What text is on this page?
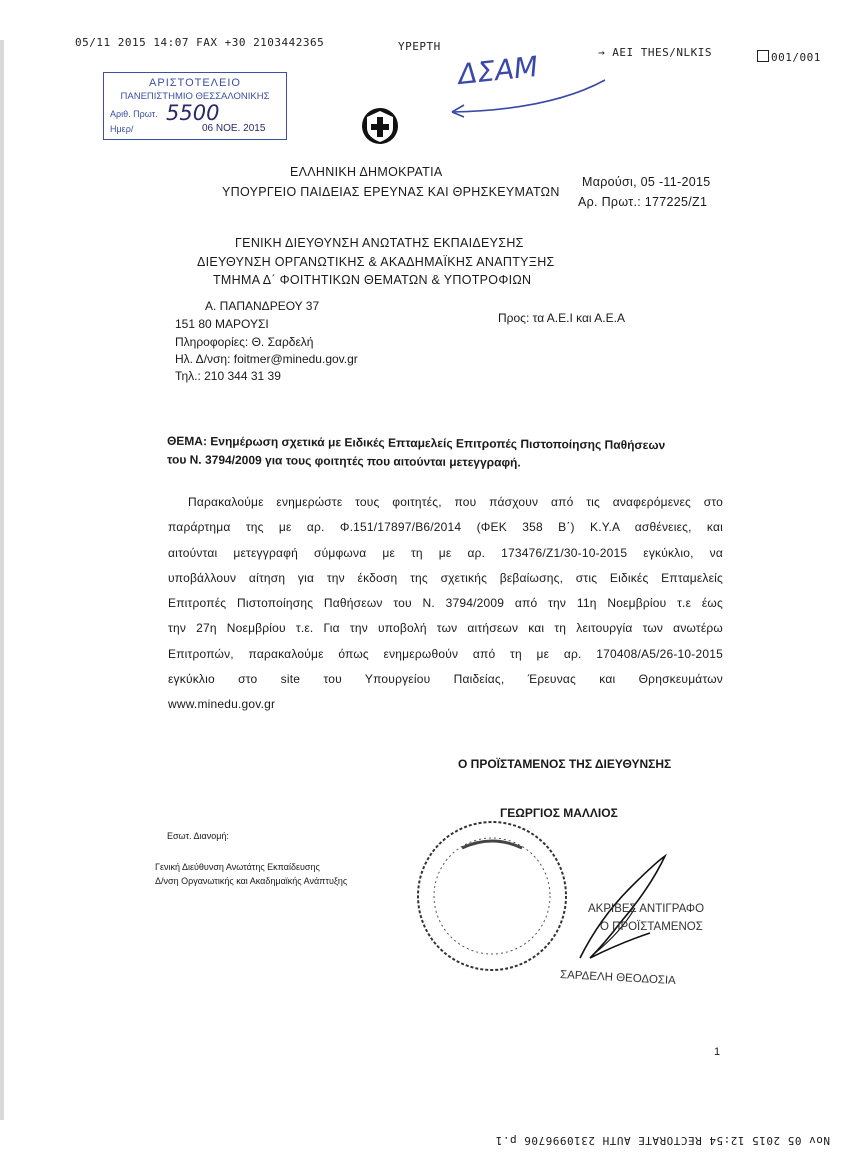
05/11 2015 14:07 FAX +30 2103442365	ΥΡΕΡΤΗ	→ ΑΕΙ THES/NLKIS	001/001
ΑΡΙΣΤΟΤΕΛΕΙΟ
ΠΑΝΕΠΙΣΤΗΜΙΟ ΘΕΣΣΑΛΟΝΙΚΗΣ
Αριθ. Πρωτ. 5500
Ημερ/	06 ΝΟΕ. 2015
ΔΣΑΜ
ΕΛΛΗΝΙΚΗ ΔΗΜΟΚΡΑΤΙΑ
ΥΠΟΥΡΓΕΙΟ ΠΑΙΔΕΙΑΣ ΕΡΕΥΝΑΣ ΚΑΙ ΘΡΗΣΚΕΥΜΑΤΩΝ
Μαρούσι, 05 -11-2015
Αρ. Πρωτ.: 177225/Ζ1
ΓΕΝΙΚΗ ΔΙΕΥΘΥΝΣΗ ΑΝΩΤΑΤΗΣ ΕΚΠΑΙΔΕΥΣΗΣ
ΔΙΕΥΘΥΝΣΗ ΟΡΓΑΝΩΤΙΚΗΣ & ΑΚΑΔΗΜΑΪΚΗΣ ΑΝΑΠΤΥΞΗΣ
ΤΜΗΜΑ Δ΄ ΦΟΙΤΗΤΙΚΩΝ ΘΕΜΑΤΩΝ & ΥΠΟΤΡΟΦΙΩΝ
Α. ΠΑΠΑΝΔΡΕΟΥ 37
151 80 ΜΑΡΟΥΣΙ
Πληροφορίες: Θ. Σαρδελή
Ηλ. Δ/νση: foitmer@minedu.gov.gr
Τηλ.: 210 344 31 39
Προς: τα Α.Ε.Ι και Α.Ε.Α
ΘΕΜΑ: Ενημέρωση σχετικά με Ειδικές Επταμελείς Επιτροπές Πιστοποίησης Παθήσεων
του Ν. 3794/2009 για τους φοιτητές που αιτούνται μετεγγραφή.
Παρακαλούμε ενημερώστε τους φοιτητές, που πάσχουν από τις αναφερόμενες στο
παράρτημα της με αρ. Φ.151/17897/Β6/2014 (ΦΕΚ 358 Β΄) Κ.Υ.Α ασθένειες, και
αιτούνται μετεγγραφή σύμφωνα με τη με αρ. 173476/Ζ1/30-10-2015 εγκύκλιο, να
υποβάλλουν αίτηση για την έκδοση της σχετικής βεβαίωσης, στις Ειδικές Επταμελείς
Επιτροπές Πιστοποίησης Παθήσεων του Ν. 3794/2009 από την 11η Νοεμβρίου τ.ε έως
την 27η Νοεμβρίου τ.ε. Για την υποβολή των αιτήσεων και τη λειτουργία των ανωτέρω
Επιτροπών, παρακαλούμε όπως ενημερωθούν από τη με αρ. 170408/Α5/26-10-2015
εγκύκλιο στο site του Υπουργείου Παιδείας, Έρευνας και Θρησκευμάτων
www.minedu.gov.gr
Ο ΠΡΟΪΣΤΑΜΕΝΟΣ ΤΗΣ ΔΙΕΥΘΥΝΣΗΣ
ΓΕΩΡΓΙΟΣ ΜΑΛΛΙΟΣ
ΑΚΡΙΒΕΣ ΑΝΤΙΓΡΑΦΟ
Ο ΠΡΟΪΣΤΑΜΕΝΟΣ
ΣΑΡΔΕΛΗ ΘΕΟΔΟΣΙΑ
Εσωτ. Διανομή:
Γενική Διεύθυνση Ανωτάτης Εκπαίδευσης
Δ/νση Οργανωτικής και Ακαδημαϊκής Ανάπτυξης
1
Nov 05 2015 12:54 RECTORATE AUTH 2310996706 p.1
